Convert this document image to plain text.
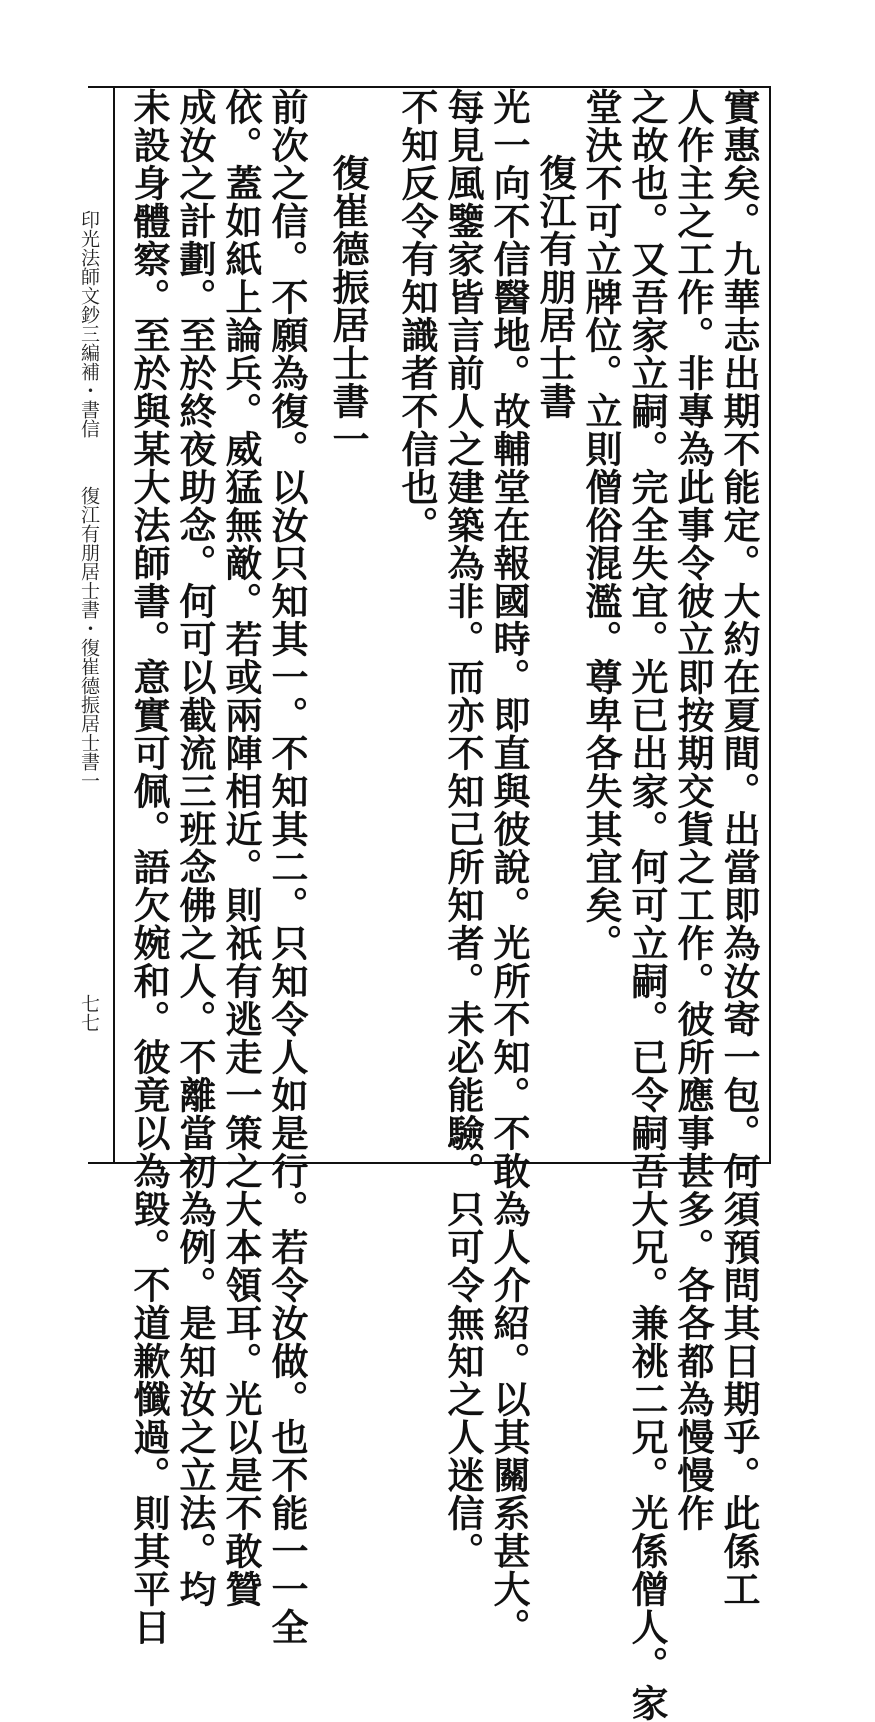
實惠矣。九華志出期不能定。大約在夏間。出當即為汝寄一包。何須預問其日期乎。此係工
人作主之工作。非專為此事令彼立即按期交貨之工作。彼所應事甚多。各各都為慢慢作
之故也。又吾家立嗣。完全失宜。光已出家。何可立嗣。已令嗣吾大兄。兼祧二兄。光係僧人。家
堂決不可立牌位。立則僧俗混濫。尊卑各失其宜矣。
復江有朋居士書
光一向不信醫地。故輔堂在報國時。即直與彼說。光所不知。不敢為人介紹。以其關系甚大。
每見風鑒家皆言前人之建築為非。而亦不知己所知者。未必能驗。只可令無知之人迷信。
不知反令有知識者不信也。
復崔德振居士書一
前次之信。不願為復。以汝只知其一。不知其二。只知令人如是行。若令汝做。也不能一一全
依。蓋如紙上論兵。威猛無敵。若或兩陣相近。則祇有逃走一策之大本領耳。光以是不敢贊
成汝之計劃。至於終夜助念。何可以截流三班念佛之人。不離當初為例。是知汝之立法。均
未設身體察。至於與某大法師書。意實可佩。語欠婉和。彼竟以為毀。不道歉懺過。則其平日
印光法師文鈔三編補・書信
復江有朋居士書・復崔德振居士書一
七七
